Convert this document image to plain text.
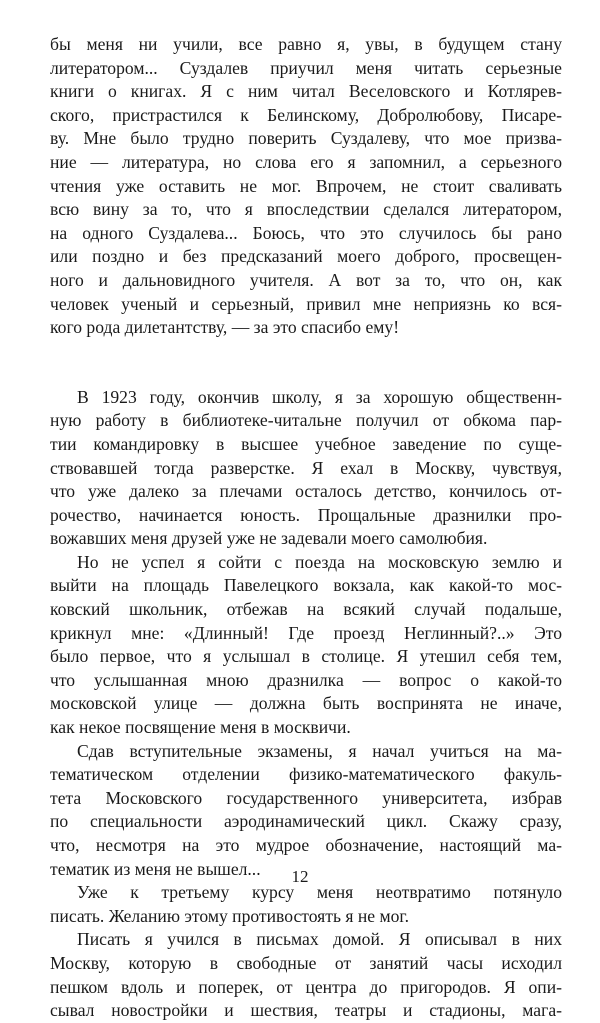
бы меня ни учили, все равно я, увы, в будущем стану
литератором... Суздалев приучил меня читать серьезные
книги о книгах. Я с ним читал Веселовского и Котлярев-
ского, пристрастился к Белинскому, Добролюбову, Писаре-
ву. Мне было трудно поверить Суздалеву, что мое призва-
ние — литература, но слова его я запомнил, а серьезного
чтения уже оставить не мог. Впрочем, не стоит сваливать
всю вину за то, что я впоследствии сделался литератором,
на одного Суздалева... Боюсь, что это случилось бы рано
или поздно и без предсказаний моего доброго, просвещен-
ного и дальновидного учителя. А вот за то, что он, как
человек ученый и серьезный, привил мне неприязнь ко вся-
кого рода дилетантству, — за это спасибо ему!
В 1923 году, окончив школу, я за хорошую общественн-
ную работу в библиотеке-читальне получил от обкома пар-
тии командировку в высшее учебное заведение по суще-
ствовавшей тогда разверстке. Я ехал в Москву, чувствуя,
что уже далеко за плечами осталось детство, кончилось от-
рочество, начинается юность. Прощальные дразнилки про-
вожавших меня друзей уже не задевали моего самолюбия.
Но не успел я сойти с поезда на московскую землю и
выйти на площадь Павелецкого вокзала, как какой-то мос-
ковский школьник, отбежав на всякий случай подальше,
крикнул мне: «Длинный! Где проезд Неглинный?..» Это
было первое, что я услышал в столице. Я утешил себя тем,
что услышанная мною дразнилка — вопрос о какой-то
московской улице — должна быть воспринята не иначе,
как некое посвящение меня в москвичи.
Сдав вступительные экзамены, я начал учиться на ма-
тематическом отделении физико-математического факуль-
тета Московского государственного университета, избрав
по специальности аэродинамический цикл. Скажу сразу,
что, несмотря на это мудрое обозначение, настоящий ма-
тематик из меня не вышел...
Уже к третьему курсу меня неотвратимо потянуло
писать. Желанию этому противостоять я не мог.
Писать я учился в письмах домой. Я описывал в них
Москву, которую в свободные от занятий часы исходил
пешком вдоль и поперек, от центра до пригородов. Я опи-
сывал новостройки и шествия, театры и стадионы, мага-
12
